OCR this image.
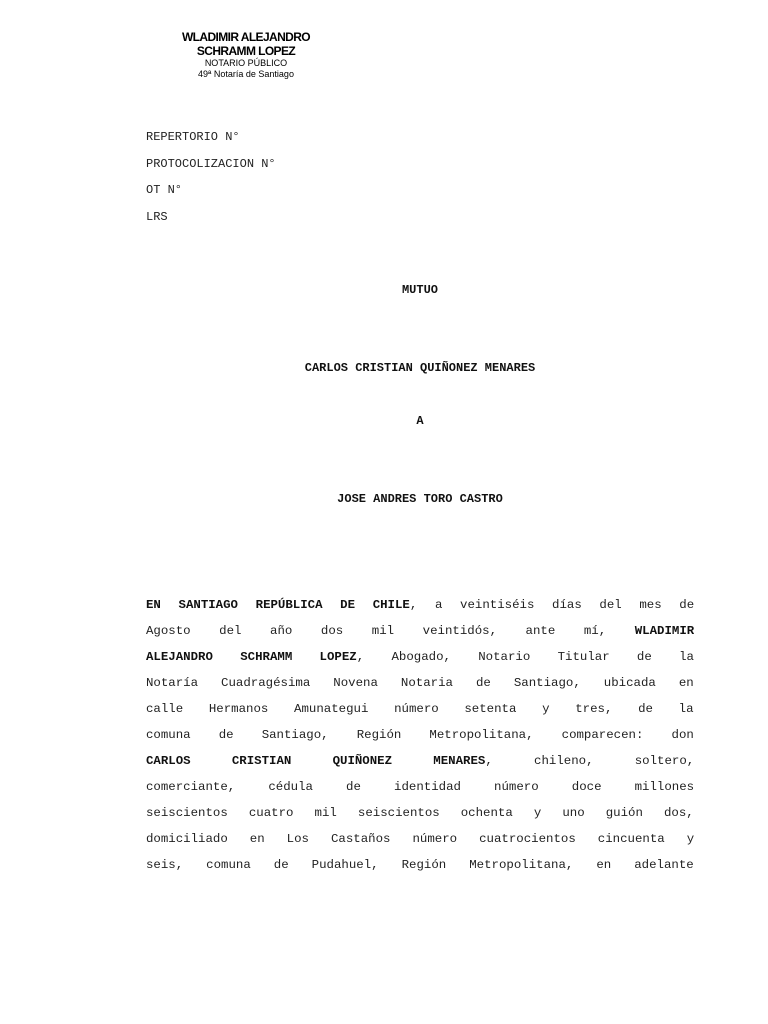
WLADIMIR ALEJANDRO
SCHRAMM LOPEZ
NOTARIO PÚBLICO
49ª Notaría de Santiago
REPERTORIO N°
PROTOCOLIZACION N°
OT N°
LRS
MUTUO
CARLOS CRISTIAN QUIÑONEZ MENARES
A
JOSE ANDRES TORO CASTRO
EN SANTIAGO REPÚBLICA DE CHILE, a veintiséis días del mes de
Agosto del año dos mil veintidós, ante mí, WLADIMIR
ALEJANDRO SCHRAMM LOPEZ, Abogado, Notario Titular de la
Notaría Cuadragésima Novena Notaria de Santiago, ubicada en
calle Hermanos Amunategui número setenta y tres, de la
comuna de Santiago, Región Metropolitana, comparecen: don
CARLOS CRISTIAN QUIÑONEZ MENARES, chileno, soltero,
comerciante, cédula de identidad número doce millones
seiscientos cuatro mil seiscientos ochenta y uno guión dos,
domiciliado en Los Castaños número cuatrocientos cincuenta y
seis, comuna de Pudahuel, Región Metropolitana, en adelante
